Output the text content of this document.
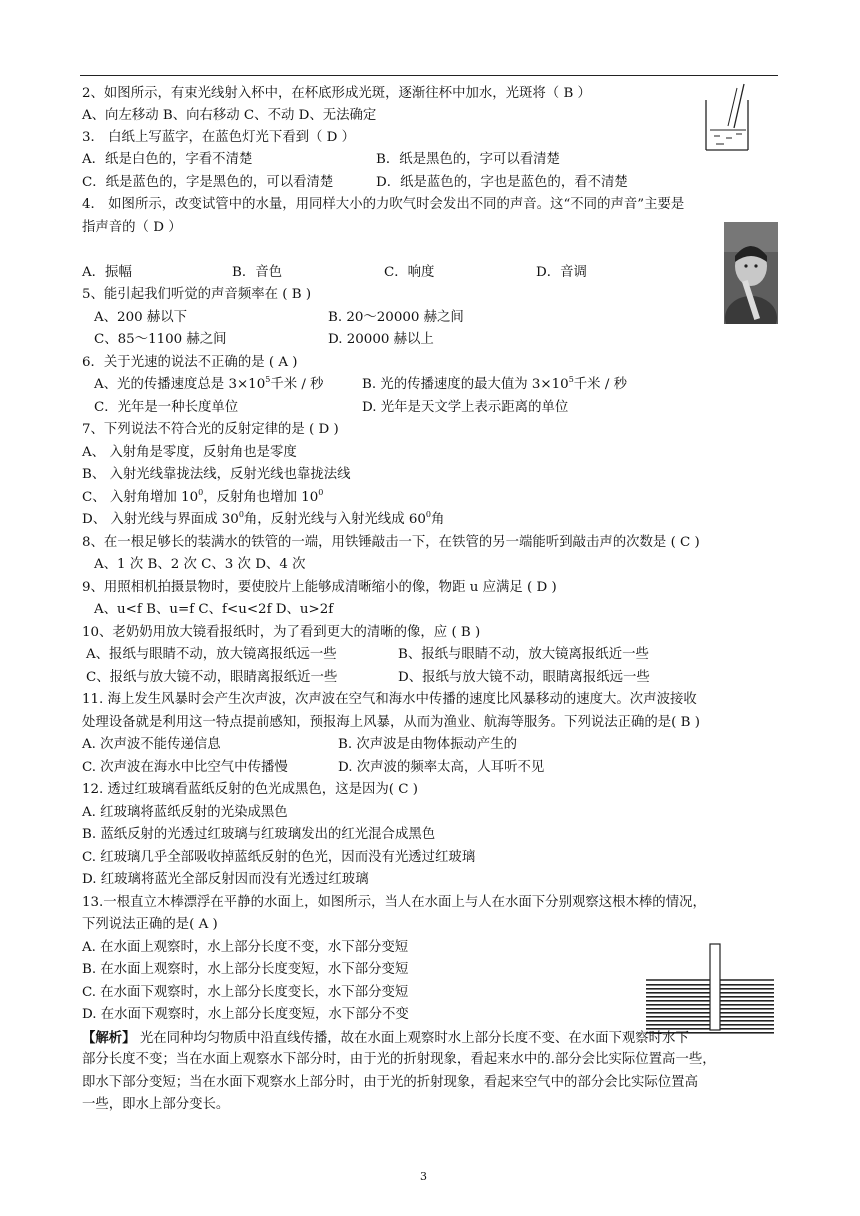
2、如图所示，有束光线射入杯中，在杯底形成光斑，逐渐往杯中加水，光斑将（ B ）
A、向左移动 B、向右移动 C、不动 D、无法确定
3． 白纸上写蓝字，在蓝色灯光下看到（ D ）
A．纸是白色的，字看不清楚	B．纸是黑色的，字可以看清楚
C．纸是蓝色的，字是黑色的，可以看清楚	D．纸是蓝色的，字也是蓝色的，看不清楚
4． 如图所示，改变试管中的水量，用同样大小的力吹气时会发出不同的声音。这“不同的声音”主要是
指声音的（ D ）
A．振幅	B．音色	C．响度	D．音调
5、能引起我们听觉的声音频率在 ( B )
A、200 赫以下	B. 20～20000 赫之间
C、85～1100 赫之间	D. 20000 赫以上
6．关于光速的说法不正确的是 ( A )
A、光的传播速度总是 $3\times 10^5$千米 / 秒	B. 光的传播速度的最大值为 $3\times 10^5$千米 / 秒
C．光年是一种长度单位	D. 光年是天文学上表示距离的单位
7、下列说法不符合光的反射定律的是 ( D )
A、 入射角是零度，反射角也是零度
B、 入射光线靠拢法线，反射光线也靠拢法线
C、 入射角增加 $10^0$，反射角也增加 $10^0$
D、 入射光线与界面成 $30^0$角，反射光线与入射光线成 $60^0$角
8、在一根足够长的装满水的铁管的一端，用铁锤敲击一下，在铁管的另一端能听到敲击声的次数是 ( C )
A、1 次 B、2 次 C、3 次 D、4 次
9、用照相机拍摄景物时，要使胶片上能够成清晰缩小的像，物距 u 应满足 ( D )
A、u<f B、u=f C、f<u<2f D、u>2f
10、老奶奶用放大镜看报纸时，为了看到更大的清晰的像，应 ( B )
A、报纸与眼睛不动，放大镜离报纸远一些	B、报纸与眼睛不动，放大镜离报纸近一些
C、报纸与放大镜不动，眼睛离报纸近一些	D、报纸与放大镜不动，眼睛离报纸远一些
11. 海上发生风暴时会产生次声波，次声波在空气和海水中传播的速度比风暴移动的速度大。次声波接收
处理设备就是利用这一特点提前感知，预报海上风暴，从而为渔业、航海等服务。下列说法正确的是( B )
A. 次声波不能传递信息	B. 次声波是由物体振动产生的
C. 次声波在海水中比空气中传播慢	D. 次声波的频率太高，人耳听不见
12. 透过红玻璃看蓝纸反射的色光成黑色，这是因为( C )
A. 红玻璃将蓝纸反射的光染成黑色
B. 蓝纸反射的光透过红玻璃与红玻璃发出的红光混合成黑色
C. 红玻璃几乎全部吸收掉蓝纸反射的色光，因而没有光透过红玻璃
D. 红玻璃将蓝光全部反射因而没有光透过红玻璃
13.一根直立木棒漂浮在平静的水面上，如图所示，当人在水面上与人在水面下分别观察这根木棒的情况，
下列说法正确的是( A )
A. 在水面上观察时，水上部分长度不变，水下部分变短
B. 在水面上观察时，水上部分长度变短，水下部分变短
C. 在水面下观察时，水上部分长度变长，水下部分变短
D. 在水面下观察时，水上部分长度变短，水下部分不变
【解析】 光在同种均匀物质中沿直线传播，故在水面上观察时水上部分长度不变、在水面下观察时水下
部分长度不变；当在水面上观察水下部分时，由于光的折射现象，看起来水中的.部分会比实际位置高一些，
即水下部分变短；当在水面下观察水上部分时，由于光的折射现象，看起来空气中的部分会比实际位置高
一些，即水上部分变长。
3
